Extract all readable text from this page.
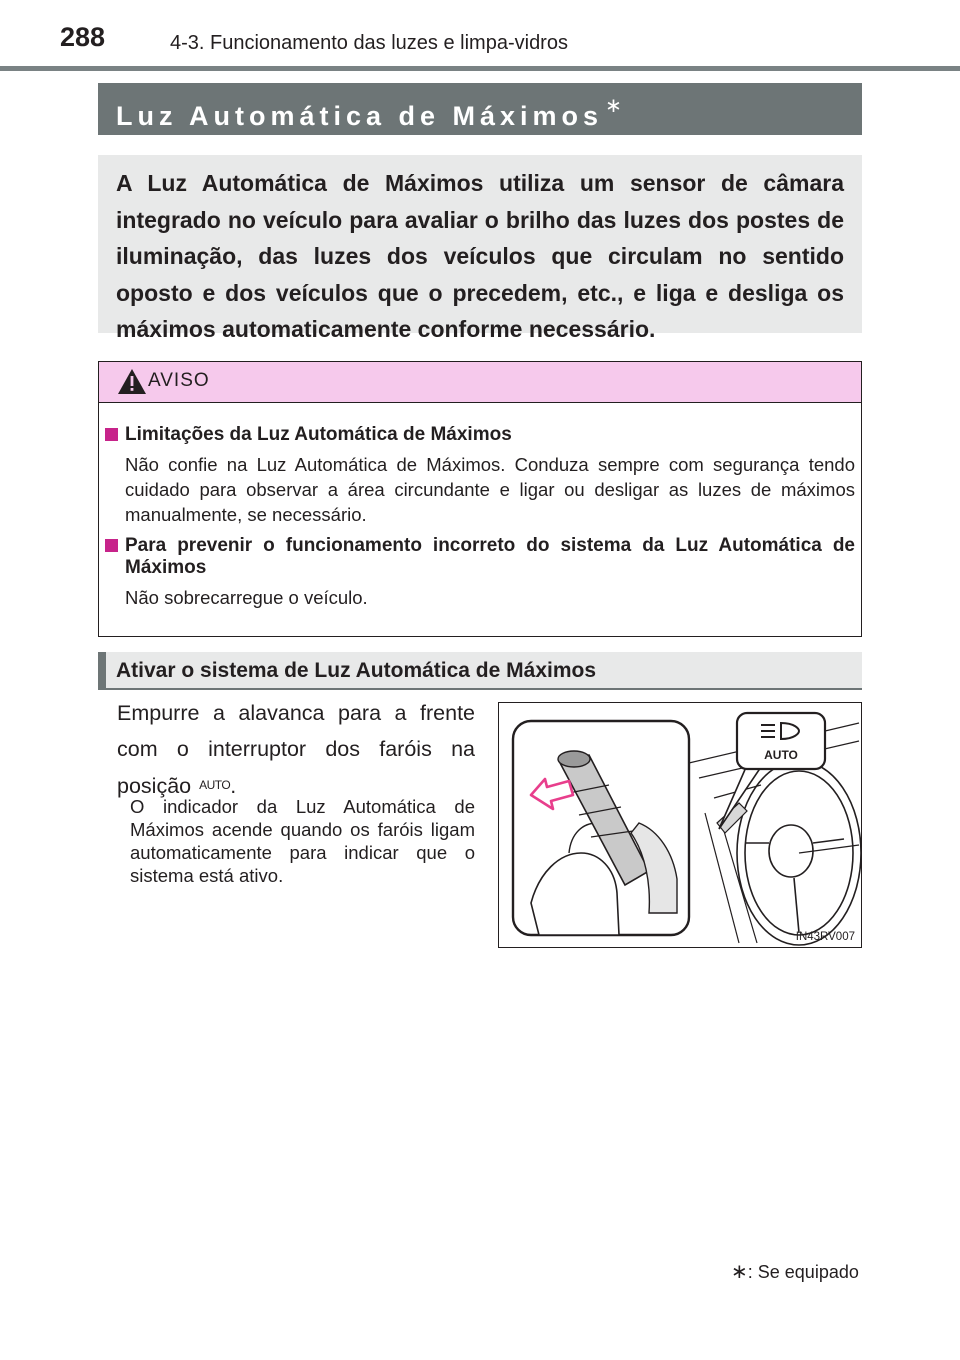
288	4-3. Funcionamento das luzes e limpa-vidros
Luz Automática de Máximos ∗

A Luz Automática de Máximos utiliza um sensor de câmara integrado no veículo para avaliar o brilho das luzes dos postes de iluminação, das luzes dos veículos que circulam no sentido oposto e dos veículos que o precedem, etc., e liga e desliga os máximos automaticamente conforme necessário.

AVISO
Limitações da Luz Automática de Máximos
Não confie na Luz Automática de Máximos. Conduza sempre com segurança tendo cuidado para observar a área circundante e ligar ou desligar as luzes de máximos manualmente, se necessário.
Para prevenir o funcionamento incorreto do sistema da Luz Automática de Máximos
Não sobrecarregue o veículo.
Ativar o sistema de Luz Automática de Máximos
Empurre a alavanca para a frente com o interruptor dos faróis na posição AUTO.
O indicador da Luz Automática de Máximos acende quando os faróis ligam automaticamente para indicar que o sistema está ativo.
AUTO
IN43RV007
∗: Se equipado
